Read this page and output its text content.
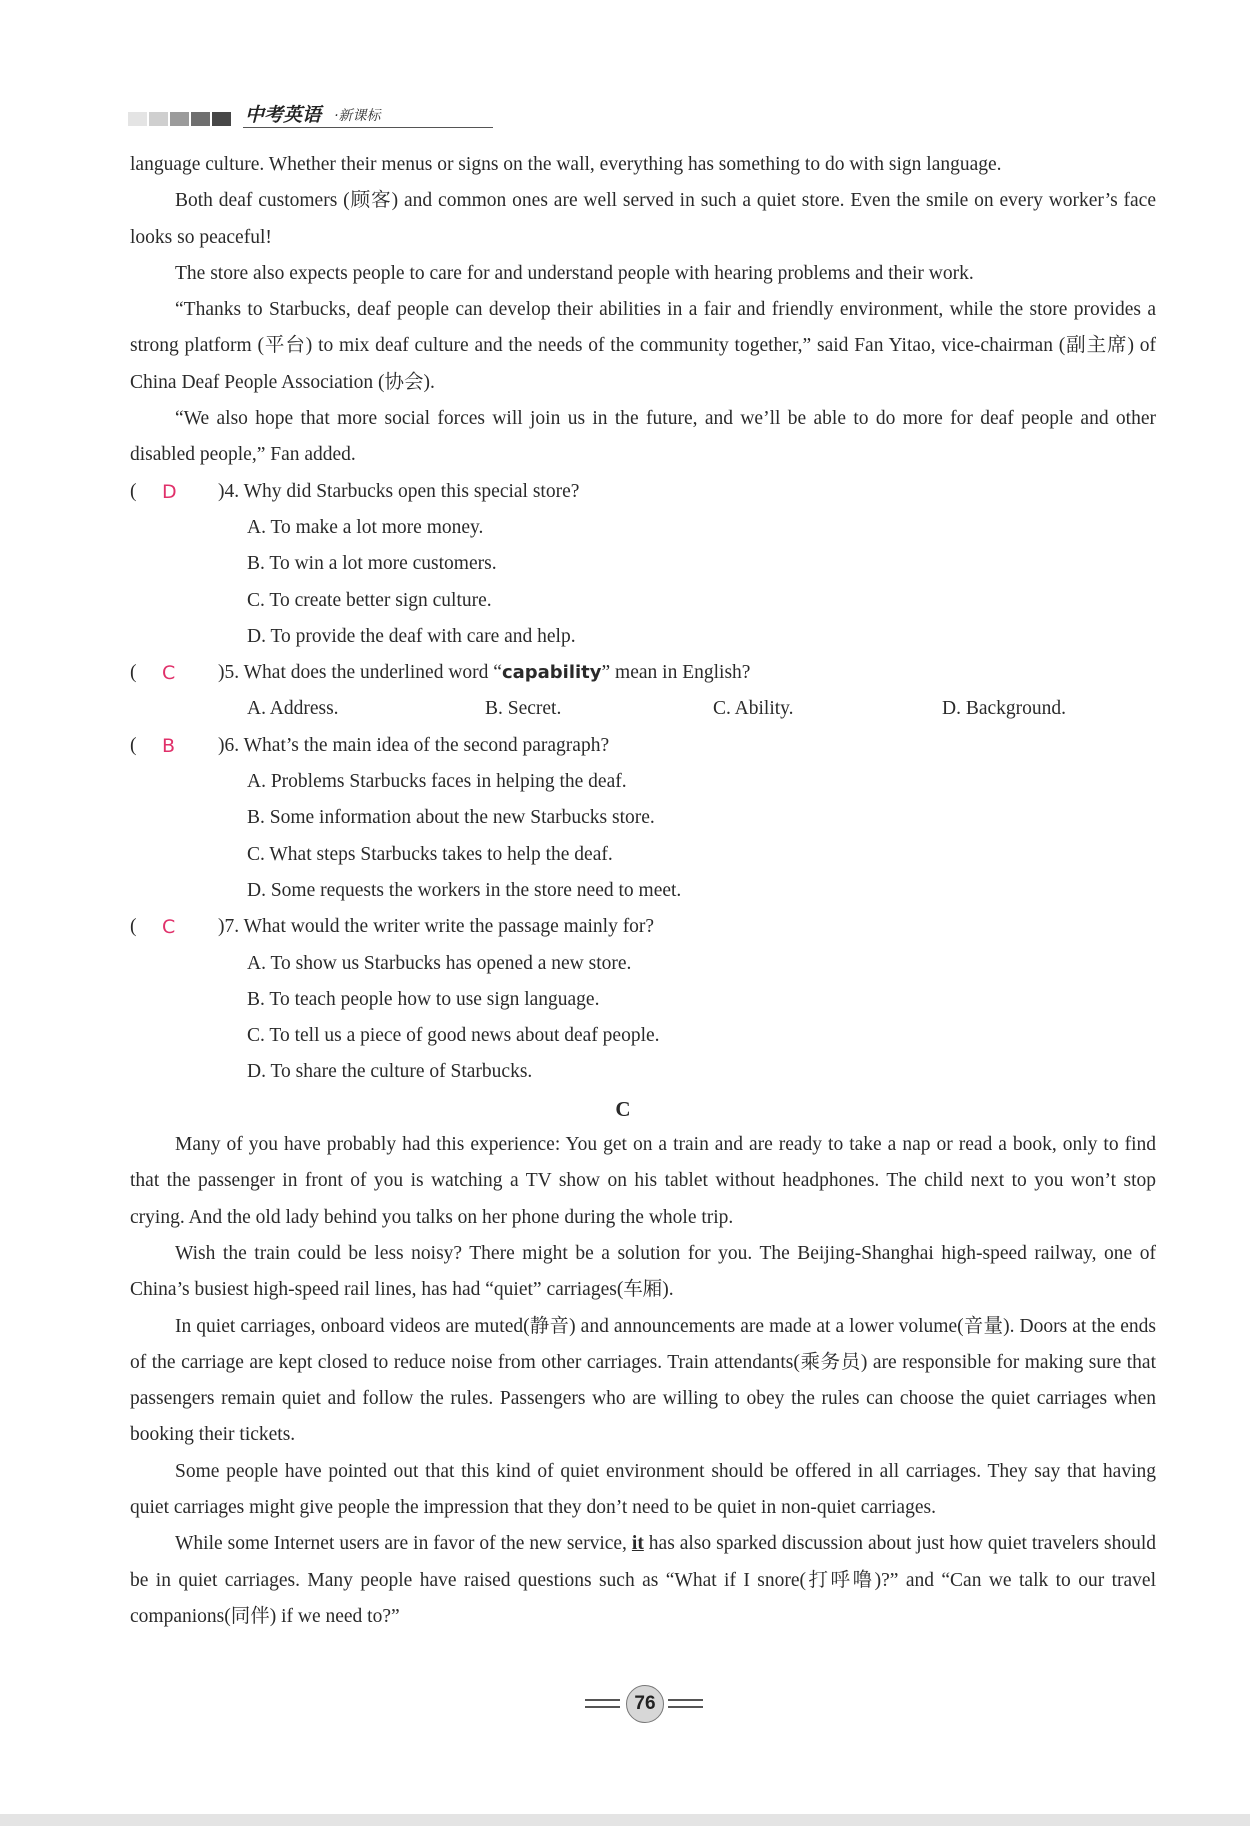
中考英语 ·新课标

language culture. Whether their menus or signs on the wall, everything has something to do with sign language.

Both deaf customers (顾客) and common ones are well served in such a quiet store. Even the smile on every worker’s face looks so peaceful!

The store also expects people to care for and understand people with hearing problems and their work.

“Thanks to Starbucks, deaf people can develop their abilities in a fair and friendly environment, while the store provides a strong platform (平台) to mix deaf culture and the needs of the community together,” said Fan Yitao, vice-chairman (副主席) of China Deaf People Association (协会).

“We also hope that more social forces will join us in the future, and we’ll be able to do more for deaf people and other disabled people,” Fan added.

( D )4. Why did Starbucks open this special store?
A. To make a lot more money.
B. To win a lot more customers.
C. To create better sign culture.
D. To provide the deaf with care and help.
( C )5. What does the underlined word “capability” mean in English?
A. Address.	B. Secret.	C. Ability.	D. Background.
( B )6. What’s the main idea of the second paragraph?
A. Problems Starbucks faces in helping the deaf.
B. Some information about the new Starbucks store.
C. What steps Starbucks takes to help the deaf.
D. Some requests the workers in the store need to meet.
( C )7. What would the writer write the passage mainly for?
A. To show us Starbucks has opened a new store.
B. To teach people how to use sign language.
C. To tell us a piece of good news about deaf people.
D. To share the culture of Starbucks.
C

Many of you have probably had this experience: You get on a train and are ready to take a nap or read a book, only to find that the passenger in front of you is watching a TV show on his tablet without headphones. The child next to you won’t stop crying. And the old lady behind you talks on her phone during the whole trip.

Wish the train could be less noisy? There might be a solution for you. The Beijing-Shanghai high-speed railway, one of China’s busiest high-speed rail lines, has had “quiet” carriages(车厢).

In quiet carriages, onboard videos are muted(静音) and announcements are made at a lower volume(音量). Doors at the ends of the carriage are kept closed to reduce noise from other carriages. Train attendants(乘务员) are responsible for making sure that passengers remain quiet and follow the rules. Passengers who are willing to obey the rules can choose the quiet carriages when booking their tickets.

Some people have pointed out that this kind of quiet environment should be offered in all carriages. They say that having quiet carriages might give people the impression that they don’t need to be quiet in non-quiet carriages.

While some Internet users are in favor of the new service, it has also sparked discussion about just how quiet travelers should be in quiet carriages. Many people have raised questions such as “What if I snore(打呼噜)?” and “Can we talk to our travel companions(同伴) if we need to?”

76
